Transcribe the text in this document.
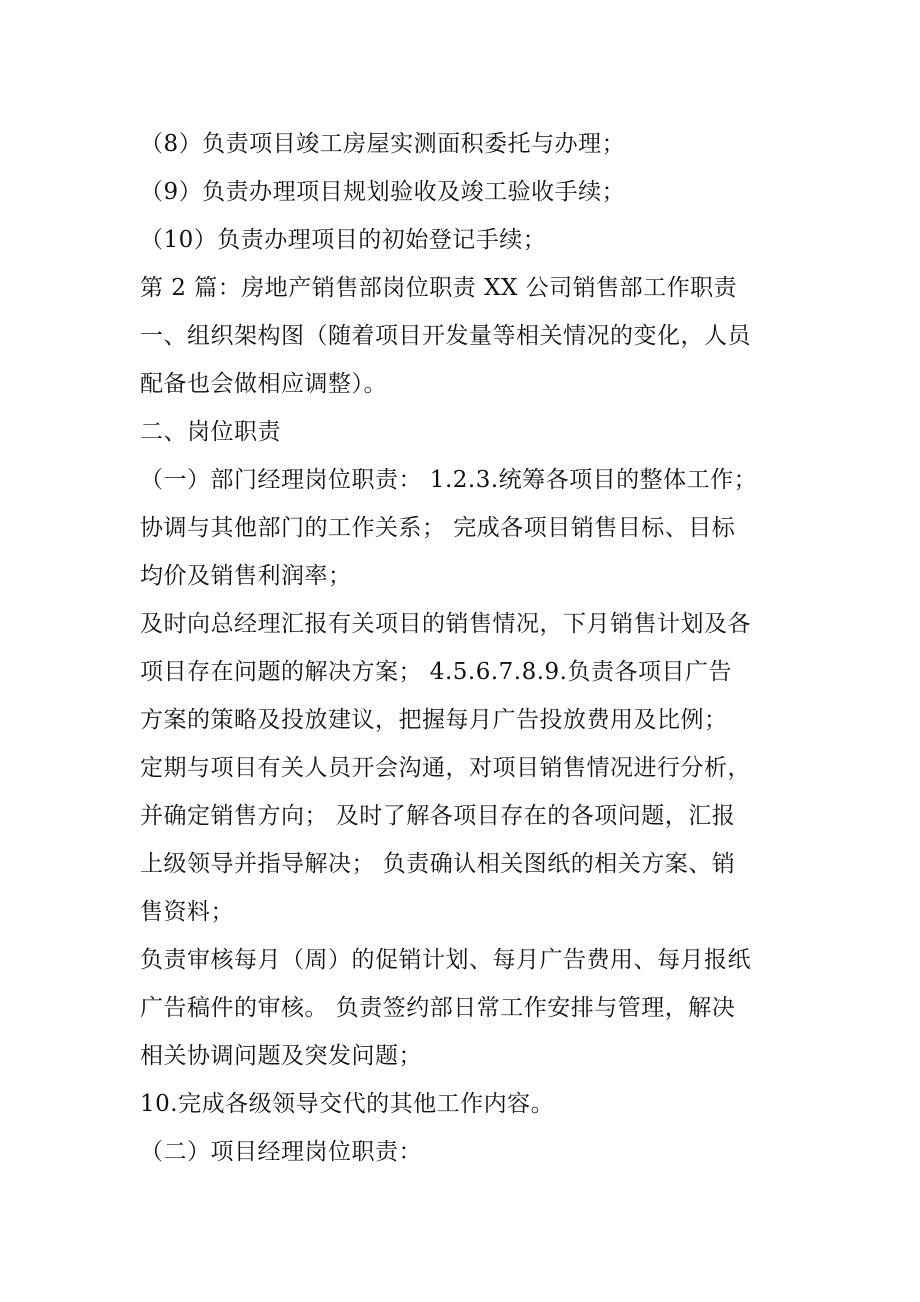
（8）负责项目竣工房屋实测面积委托与办理；
（9）负责办理项目规划验收及竣工验收手续；
（10）负责办理项目的初始登记手续；
第 2 篇：房地产销售部岗位职责 XX 公司销售部工作职责
一、组织架构图（随着项目开发量等相关情况的变化，人员
配备也会做相应调整）。
二、岗位职责
（一）部门经理岗位职责： 1.2.3.统筹各项目的整体工作；
协调与其他部门的工作关系； 完成各项目销售目标、目标
均价及销售利润率；
及时向总经理汇报有关项目的销售情况，下月销售计划及各
项目存在问题的解决方案； 4.5.6.7.8.9.负责各项目广告
方案的策略及投放建议，把握每月广告投放费用及比例；
定期与项目有关人员开会沟通，对项目销售情况进行分析，
并确定销售方向； 及时了解各项目存在的各项问题，汇报
上级领导并指导解决； 负责确认相关图纸的相关方案、销
售资料；
负责审核每月（周）的促销计划、每月广告费用、每月报纸
广告稿件的审核。 负责签约部日常工作安排与管理，解决
相关协调问题及突发问题；
10.完成各级领导交代的其他工作内容。
（二）项目经理岗位职责：
